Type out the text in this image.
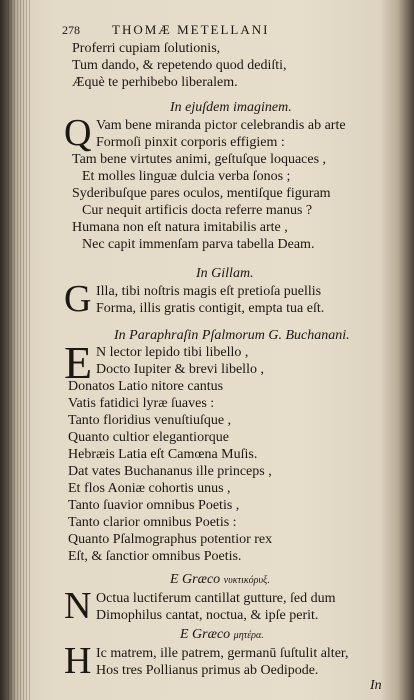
278 THOMÆ METELLANI
Proferri cupiam ſolutionis,
Tum dando, & repetendo quod dediſti,
Æquè te perhibebo liberalem.
In ejuſdem imaginem.
Q Vam bene miranda pictor celebrandis ab arte
Formoſi pinxit corporis effigiem :
Tam bene virtutes animi, geſtuſque loquaces ,
Et molles linguæ dulcia verba ſonos ;
Syderibuſque pares oculos, mentiſque figuram
Cur nequit artificis docta referre manus ?
Humana non eſt natura imitabilis arte ,
Nec capit immenſam parva tabella Deam.
In Gillam.
G Illa, tibi noſtris magis eſt pretioſa puellis
Forma, illis gratis contigit, empta tua eſt.
In Paraphraſin Pſalmorum G. Buchanani.
E N lector lepido tibi libello ,
Docto Iupiter & brevi libello ,
Donatos Latio nitore cantus
Vatis fatidici lyræ ſuaves :
Tanto floridius venuſtiuſque ,
Quanto cultior elegantiorque
Hebræis Latia eſt Camœna Muſis.
Dat vates Buchananus ille princeps ,
Et flos Aoniæ cohortis unus ,
Tanto ſuavior omnibus Poetis ,
Tanto clarior omnibus Poetis :
Quanto Pſalmographus potentior rex
Eſt, & ſanctior omnibus Poetis.
E Græco νυκτικόρυξ.
N Octua luctiferum cantillat gutture, ſed dum
Dimophilus cantat, noctua, & ipſe perit.
E Græco μητέρα.
H Ic matrem, ille patrem, germanū ſuſtulit alter,
Hos tres Pollianus primus ab Oedipode.
In
